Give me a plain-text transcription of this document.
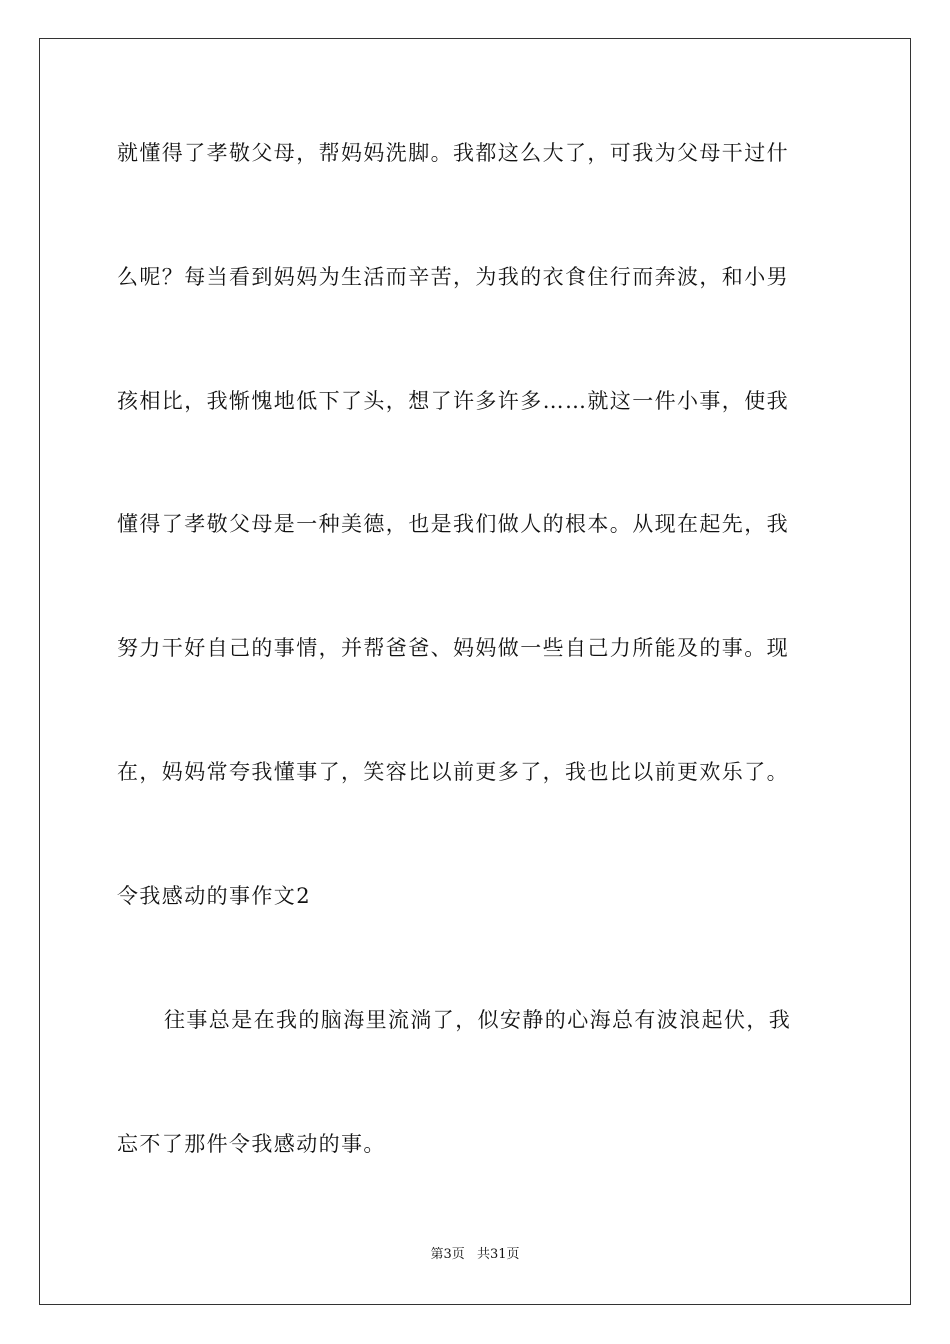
就懂得了孝敬父母，帮妈妈洗脚。我都这么大了，可我为父母干过什
么呢？每当看到妈妈为生活而辛苦，为我的衣食住行而奔波，和小男
孩相比，我惭愧地低下了头，想了许多许多……就这一件小事，使我
懂得了孝敬父母是一种美德，也是我们做人的根本。从现在起先，我
努力干好自己的事情，并帮爸爸、妈妈做一些自己力所能及的事。现
在，妈妈常夸我懂事了，笑容比以前更多了，我也比以前更欢乐了。
令我感动的事作文2
往事总是在我的脑海里流淌了，似安静的心海总有波浪起伏，我
忘不了那件令我感动的事。
第3页 共31页
